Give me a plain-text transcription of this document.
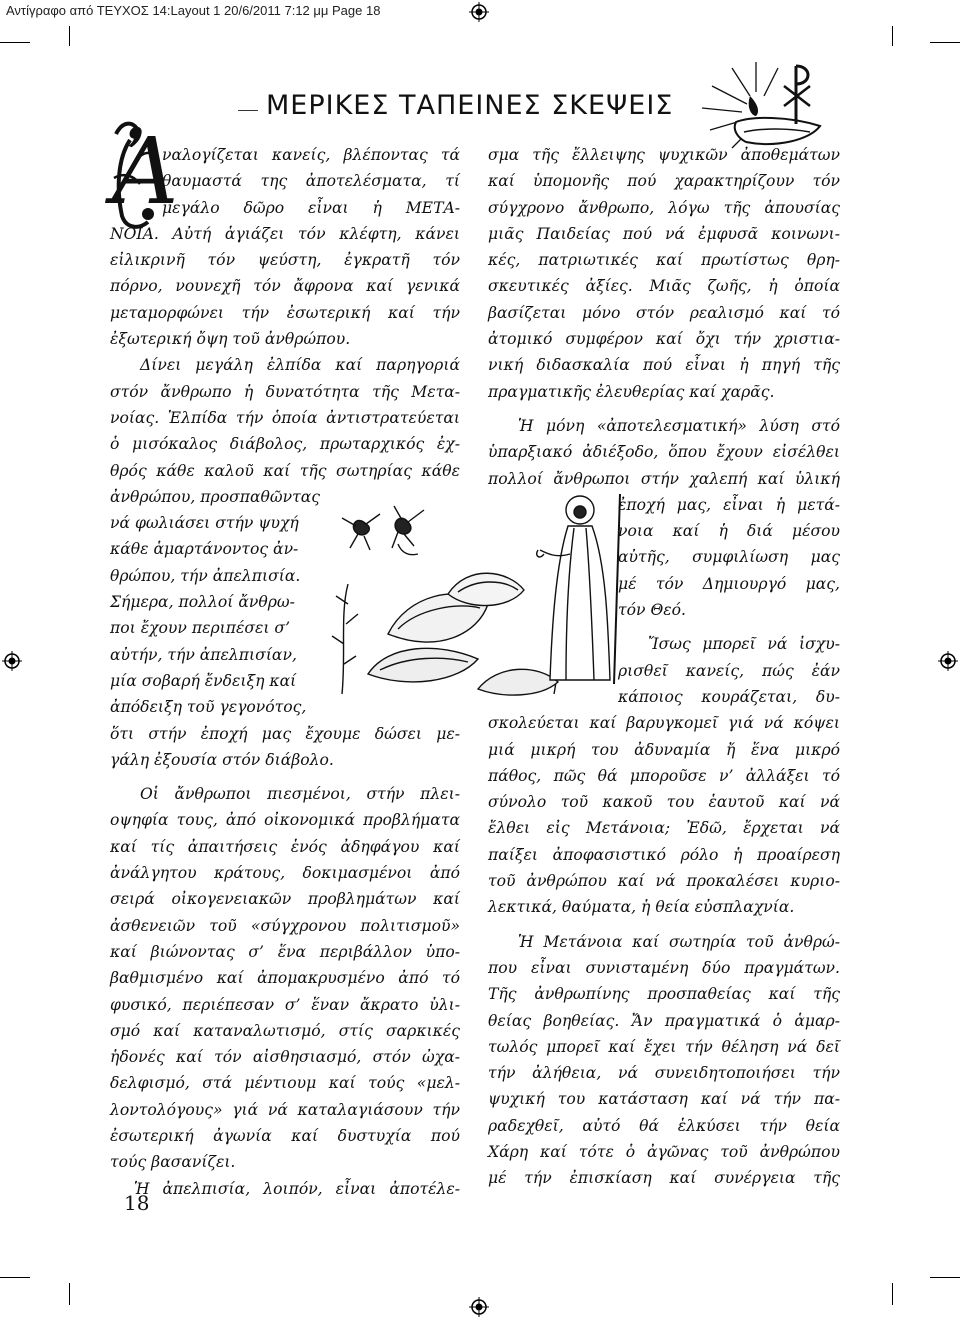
Αντίγραφο από ΤΕΥΧΟΣ 14:Layout 1 20/6/2011 7:12 μμ Page 18
ΜΕΡΙΚΕΣ ΤΑΠΕΙΝΕΣ ΣΚΕΨΕΙΣ
ναλογίζεται κανείς, βλέποντας τά
θαυμαστά της ἀποτελέσματα, τί
μεγάλο δῶρο εἶναι ἡ ΜΕΤΑ-
ΝΟΙΑ. Αὐτή ἁγιάζει τόν κλέφτη, κάνει
εἰλικρινῆ τόν ψεύστη, ἐγκρατῆ τόν
πόρνο, νουνεχῆ τόν ἄφρονα καί γενικά
μεταμορφώνει τήν ἐσωτερική καί τήν
ἐξωτερική ὄψη τοῦ ἀνθρώπου.
Δίνει μεγάλη ἐλπίδα καί παρηγοριά
στόν ἄνθρωπο ἡ δυνατότητα τῆς Μετα-
νοίας. Ἐλπίδα τήν ὁποία ἀντιστρατεύεται
ὁ μισόκαλος διάβολος, πρωταρχικός ἐχ-
θρός κάθε καλοῦ καί τῆς σωτηρίας κάθε
ἀνθρώπου, προσπαθῶντας
νά φωλιάσει στήν ψυχή
κάθε ἁμαρτάνοντος ἀν-
θρώπου, τήν ἀπελπισία.
Σήμερα, πολλοί ἄνθρω-
ποι ἔχουν περιπέσει σ’
αὐτήν, τήν ἀπελπισίαν,
μία σοβαρή ἔνδειξη καί
ἀπόδειξη τοῦ γεγονότος,
ὅτι στήν ἐποχή μας ἔχουμε δώσει με-
γάλη ἐξουσία στόν διάβολο.
Οἱ ἄνθρωποι πιεσμένοι, στήν πλει-
οψηφία τους, ἀπό οἰκονομικά προβλήματα
καί τίς ἀπαιτήσεις ἑνός ἀδηφάγου καί
ἀνάλγητου κράτους, δοκιμασμένοι ἀπό
σειρά οἰκογενειακῶν προβλημάτων καί
ἀσθενειῶν τοῦ «σύγχρονου πολιτισμοῦ»
καί βιώνοντας σ’ ἕνα περιβάλλον ὑπο-
βαθμισμένο καί ἀπομακρυσμένο ἀπό τό
φυσικό, περιέπεσαν σ’ ἕναν ἄκρατο ὑλι-
σμό καί καταναλωτισμό, στίς σαρκικές
ἡδονές καί τόν αἰσθησιασμό, στόν ὠχα-
δελφισμό, στά μέντιουμ καί τούς «μελ-
λοντολόγους» γιά νά καταλαγιάσουν τήν
ἐσωτερική ἀγωνία καί δυστυχία πού
τούς βασανίζει.
Ἡ ἀπελπισία, λοιπόν, εἶναι ἀποτέλε-
Ἀ	σμα τῆς ἔλλειψης ψυχικῶν ἀποθεμάτων
καί ὑπομονῆς πού χαρακτηρίζουν τόν
σύγχρονο ἄνθρωπο, λόγω τῆς ἀπουσίας
μιᾶς Παιδείας πού νά ἐμφυσᾶ κοινωνι-
κές, πατριωτικές καί πρωτίστως θρη-
σκευτικές ἀξίες. Μιᾶς ζωῆς, ἡ ὁποία
βασίζεται μόνο στόν ρεαλισμό καί τό
ἀτομικό συμφέρον καί ὄχι τήν χριστια-
νική διδασκαλία πού εἶναι ἡ πηγή τῆς
πραγματικῆς ἐλευθερίας καί χαρᾶς.
Ἡ μόνη «ἀποτελεσματική» λύση στό
ὑπαρξιακό ἀδιέξοδο, ὅπου ἔχουν εἰσέλθει
πολλοί ἄνθρωποι στήν χαλεπή καί ὑλική
ἐποχή μας, εἶναι ἡ μετά-
νοια καί ἡ διά μέσου
αὐτῆς, συμφιλίωση μας
μέ τόν Δημιουργό μας,
τόν Θεό.
Ἴσως μπορεῖ νά ἰσχυ-
ρισθεῖ κανείς, πώς ἐάν
κάποιος κουράζεται, δυ-
σκολεύεται καί βαρυγκομεῖ γιά νά κόψει
μιά μικρή του ἀδυναμία ἤ ἕνα μικρό
πάθος, πῶς θά μποροῦσε ν’ ἀλλάξει τό
σύνολο τοῦ κακοῦ του ἑαυτοῦ καί νά
ἔλθει εἰς Μετάνοια; Ἐδῶ, ἔρχεται νά
παίξει ἀποφασιστικό ρόλο ἡ προαίρεση
τοῦ ἀνθρώπου καί νά προκαλέσει κυριο-
λεκτικά, θαύματα, ἡ θεία εὐσπλαχνία.
Ἡ Μετάνοια καί σωτηρία τοῦ ἀνθρώ-
που εἶναι συνισταμένη δύο πραγμάτων.
Τῆς ἀνθρωπίνης προσπαθείας καί τῆς
θείας βοηθείας. Ἄν πραγματικά ὁ ἁμαρ-
τωλός μπορεῖ καί ἔχει τήν θέληση νά δεῖ
τήν ἀλήθεια, νά συνειδητοποιήσει τήν
ψυχική του κατάσταση καί νά τήν πα-
ραδεχθεῖ, αὐτό θά ἑλκύσει τήν θεία
Χάρη καί τότε ὁ ἀγῶνας τοῦ ἀνθρώπου
μέ τήν ἐπισκίαση καί συνέργεια τῆς
18
